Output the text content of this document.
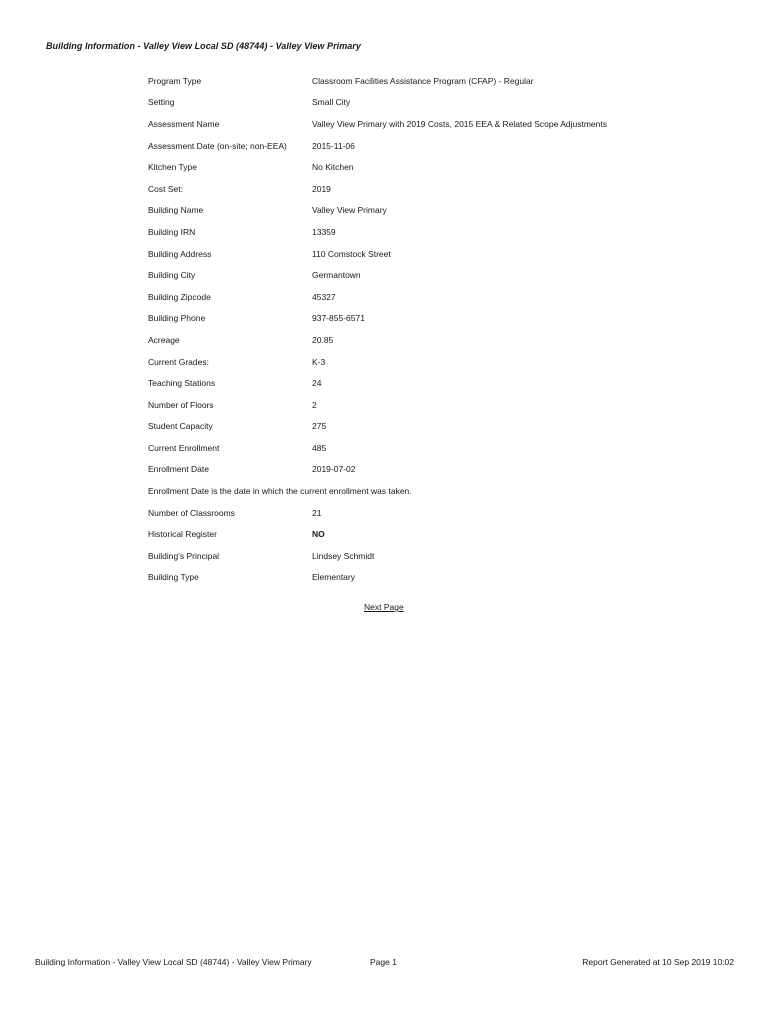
Building Information - Valley View Local SD (48744) - Valley View Primary
Program Type	Classroom Facilities Assistance Program (CFAP) - Regular
Setting	Small City
Assessment Name	Valley View Primary with 2019 Costs, 2015 EEA & Related Scope Adjustments
Assessment Date (on-site; non-EEA)	2015-11-06
Kitchen Type	No Kitchen
Cost Set:	2019
Building Name	Valley View Primary
Building IRN	13359
Building Address	110 Comstock Street
Building City	Germantown
Building Zipcode	45327
Building Phone	937-855-6571
Acreage	20.85
Current Grades:	K-3
Teaching Stations	24
Number of Floors	2
Student Capacity	275
Current Enrollment	485
Enrollment Date	2019-07-02
Enrollment Date is the date in which the current enrollment was taken.	
Number of Classrooms	21
Historical Register	NO
Building's Principal	Lindsey Schmidt
Building Type	Elementary
Next Page
Building Information - Valley View Local SD (48744) - Valley View Primary	Page 1	Report Generated at 10 Sep 2019 10:02
